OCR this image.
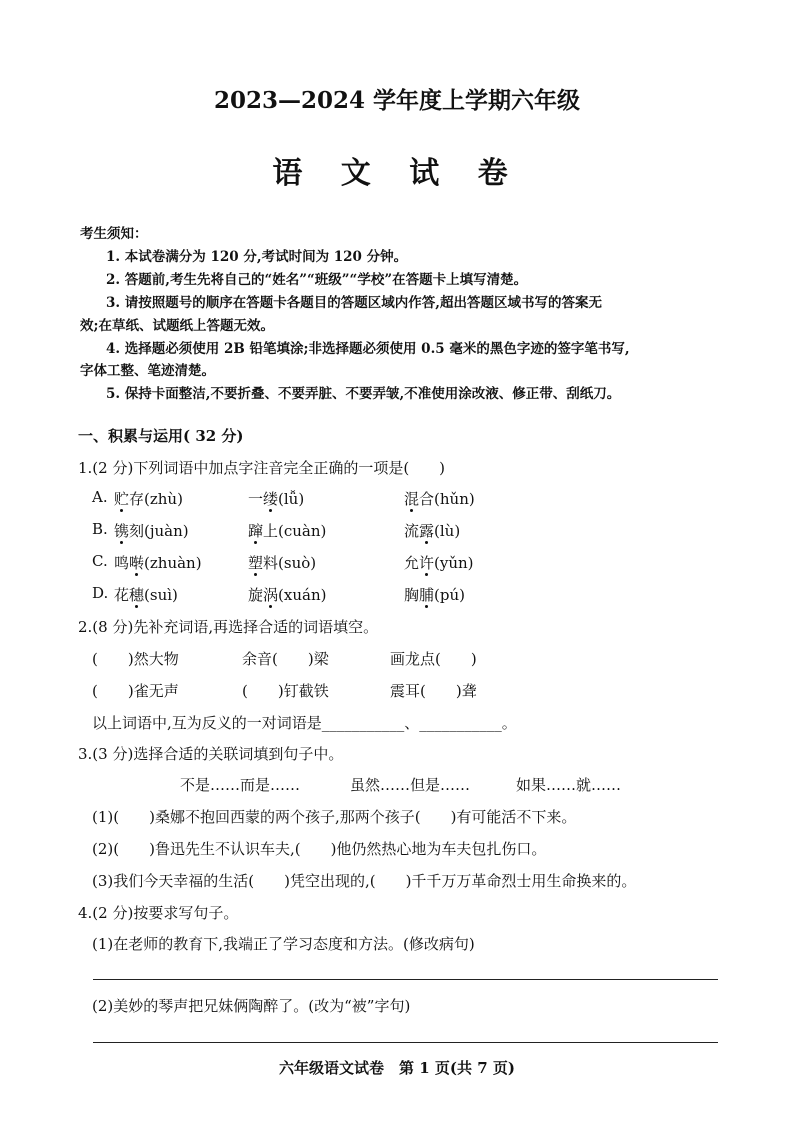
2023—2024 学年度上学期六年级
语 文 试 卷
考生须知：
1. 本试卷满分为 120 分,考试时间为 120 分钟。
2. 答题前,考生先将自己的“姓名”“班级”“学校”在答题卡上填写清楚。
3. 请按照题号的顺序在答题卡各题目的答题区域内作答,超出答题区域书写的答案无
效;在草纸、试题纸上答题无效。
4. 选择题必须使用 2B 铅笔填涂;非选择题必须使用 0.5 毫米的黑色字迹的签字笔书写,
字体工整、笔迹清楚。
5. 保持卡面整洁,不要折叠、不要弄脏、不要弄皱,不准使用涂改液、修正带、刮纸刀。
一、积累与运用( 32 分)
1.(2 分)下列词语中加点字注音完全正确的一项是(　　)
A. 贮存(zhù)	一缕(lǚ)	混合(hǔn)
B. 镌刻(juàn)	蹿上(cuàn)	流露(lù)
C. 鸣啭(zhuàn)	塑料(suò)	允许(yǔn)
D. 花穗(suì)	旋涡(xuán)	胸脯(pú)
2.(8 分)先补充词语,再选择合适的词语填空。
(　　)然大物	余音(　　)梁	画龙点(　　)
(　　)雀无声	(　　)钉截铁	震耳(　　)聋
以上词语中,互为反义的一对词语是___________、___________。
3.(3 分)选择合适的关联词填到句子中。
不是……而是……	虽然……但是……	如果……就……
(1)(　　)桑娜不抱回西蒙的两个孩子,那两个孩子(　　)有可能活不下来。
(2)(　　)鲁迅先生不认识车夫,(　　)他仍然热心地为车夫包扎伤口。
(3)我们今天幸福的生活(　　)凭空出现的,(　　)千千万万革命烈士用生命换来的。
4.(2 分)按要求写句子。
(1)在老师的教育下,我端正了学习态度和方法。(修改病句)
(2)美妙的琴声把兄妹俩陶醉了。(改为“被”字句)
六年级语文试卷　第 1 页(共 7 页)
